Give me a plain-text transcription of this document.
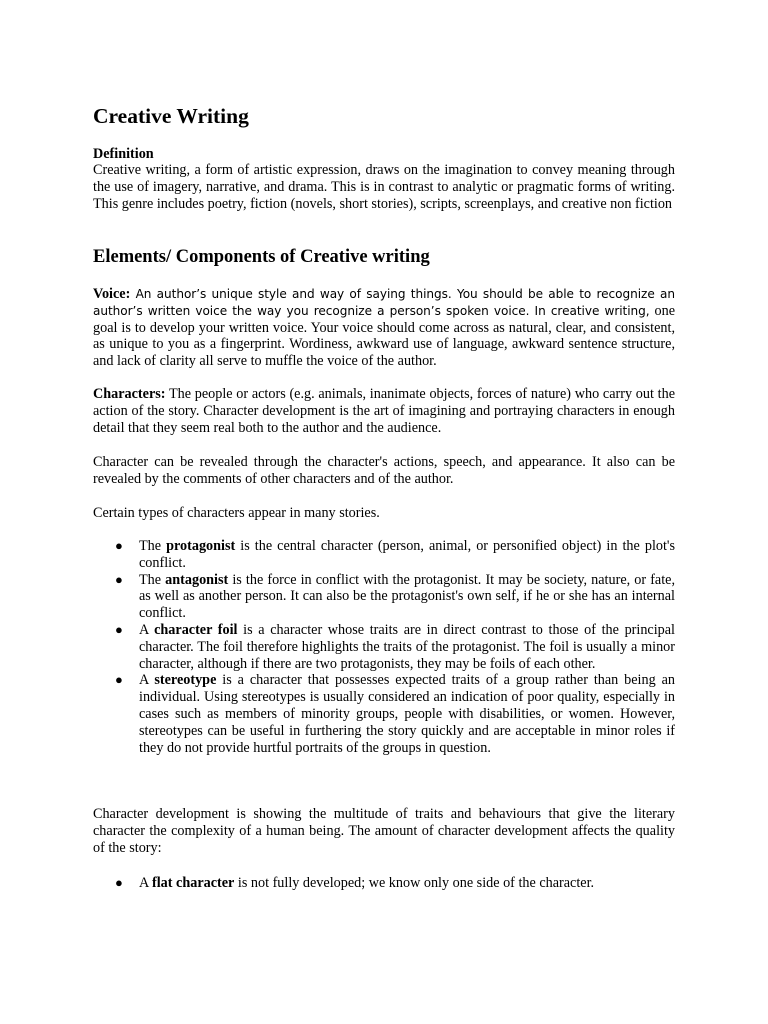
Creative Writing

Definition

Creative writing, a form of artistic expression, draws on the imagination to convey meaning through the use of imagery, narrative, and drama. This is in contrast to analytic or pragmatic forms of writing. This genre includes poetry, fiction (novels, short stories), scripts, screenplays, and creative non fiction

Elements/ Components of Creative writing

Voice: An author’s unique style and way of saying things. You should be able to recognize an author’s written voice the way you recognize a person’s spoken voice. In creative writing, one goal is to develop your written voice. Your voice should come across as natural, clear, and consistent, as unique to you as a fingerprint. Wordiness, awkward use of language, awkward sentence structure, and lack of clarity all serve to muffle the voice of the author.

Characters: The people or actors (e.g. animals, inanimate objects, forces of nature) who carry out the action of the story. Character development is the art of imagining and portraying characters in enough detail that they seem real both to the author and the audience.

Character can be revealed through the character's actions, speech, and appearance. It also can be revealed by the comments of other characters and of the author.

Certain types of characters appear in many stories.

● The protagonist is the central character (person, animal, or personified object) in the plot's conflict.
● The antagonist is the force in conflict with the protagonist. It may be society, nature, or fate, as well as another person. It can also be the protagonist's own self, if he or she has an internal conflict.
● A character foil is a character whose traits are in direct contrast to those of the principal character. The foil therefore highlights the traits of the protagonist. The foil is usually a minor character, although if there are two protagonists, they may be foils of each other.
● A stereotype is a character that possesses expected traits of a group rather than being an individual. Using stereotypes is usually considered an indication of poor quality, especially in cases such as members of minority groups, people with disabilities, or women. However, stereotypes can be useful in furthering the story quickly and are acceptable in minor roles if they do not provide hurtful portraits of the groups in question.

Character development is showing the multitude of traits and behaviours that give the literary character the complexity of a human being. The amount of character development affects the quality of the story:

● A flat character is not fully developed; we know only one side of the character.
